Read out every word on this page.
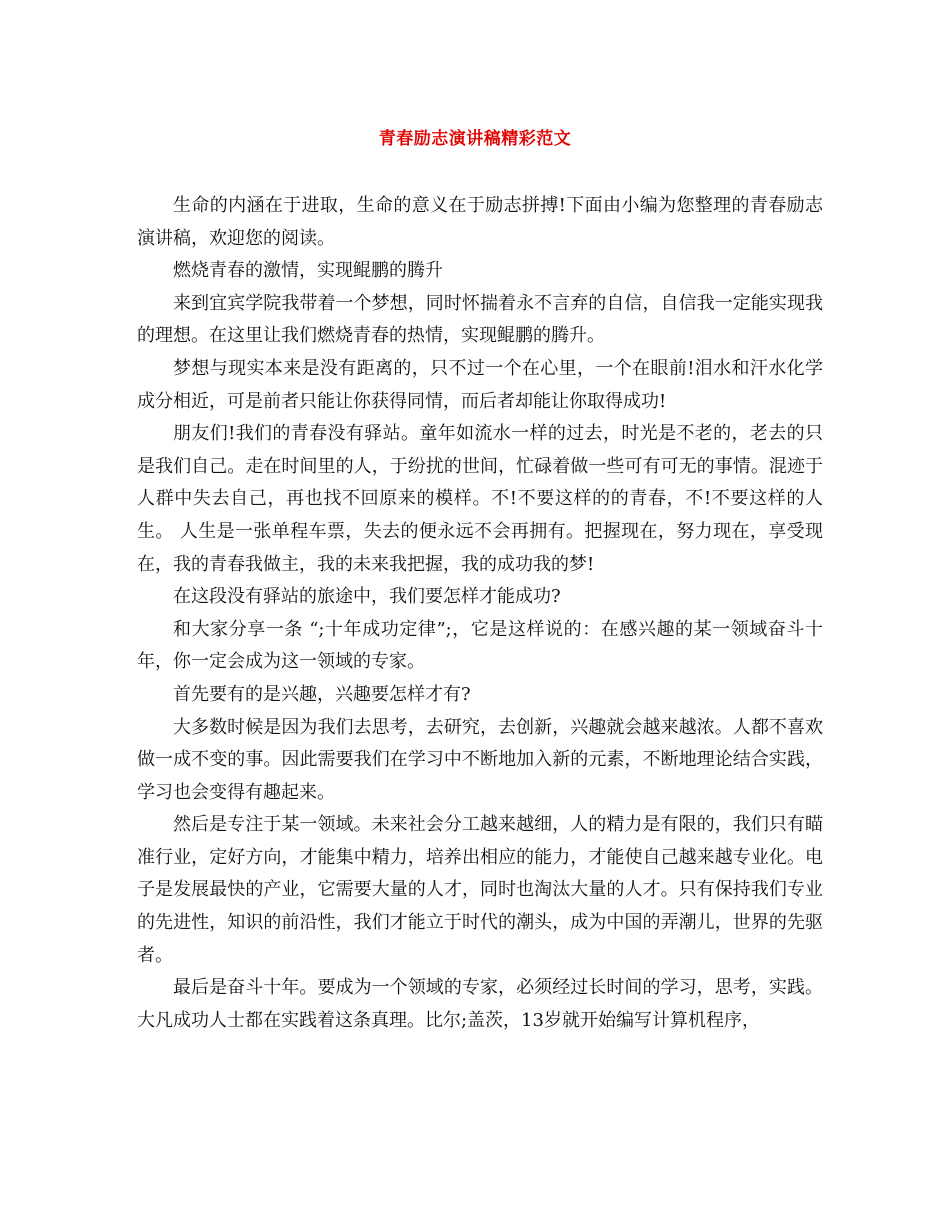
青春励志演讲稿精彩范文

生命的内涵在于进取，生命的意义在于励志拼搏!下面由小编为您整理的青春励志演讲稿，欢迎您的阅读。

燃烧青春的激情，实现鲲鹏的腾升

来到宜宾学院我带着一个梦想，同时怀揣着永不言弃的自信，自信我一定能实现我的理想。在这里让我们燃烧青春的热情，实现鲲鹏的腾升。

梦想与现实本来是没有距离的，只不过一个在心里，一个在眼前!泪水和汗水化学成分相近，可是前者只能让你获得同情，而后者却能让你取得成功!

朋友们!我们的青春没有驿站。童年如流水一样的过去，时光是不老的，老去的只是我们自己。走在时间里的人，于纷扰的世间，忙碌着做一些可有可无的事情。混迹于人群中失去自己，再也找不回原来的模样。不!不要这样的的青春，不!不要这样的人生。 人生是一张单程车票，失去的便永远不会再拥有。把握现在，努力现在，享受现在，我的青春我做主，我的未来我把握，我的成功我的梦!

在这段没有驿站的旅途中，我们要怎样才能成功?

和大家分享一条 “;十年成功定律”;，它是这样说的：在感兴趣的某一领域奋斗十年，你一定会成为这一领域的专家。

首先要有的是兴趣，兴趣要怎样才有?

大多数时候是因为我们去思考，去研究，去创新，兴趣就会越来越浓。人都不喜欢做一成不变的事。因此需要我们在学习中不断地加入新的元素，不断地理论结合实践，学习也会变得有趣起来。

然后是专注于某一领域。未来社会分工越来越细，人的精力是有限的，我们只有瞄准行业，定好方向，才能集中精力，培养出相应的能力，才能使自己越来越专业化。电子是发展最快的产业，它需要大量的人才，同时也淘汰大量的人才。只有保持我们专业的先进性，知识的前沿性，我们才能立于时代的潮头，成为中国的弄潮儿，世界的先驱者。

最后是奋斗十年。要成为一个领域的专家，必须经过长时间的学习，思考，实践。大凡成功人士都在实践着这条真理。比尔;盖茨，13岁就开始编写计算机程序，
